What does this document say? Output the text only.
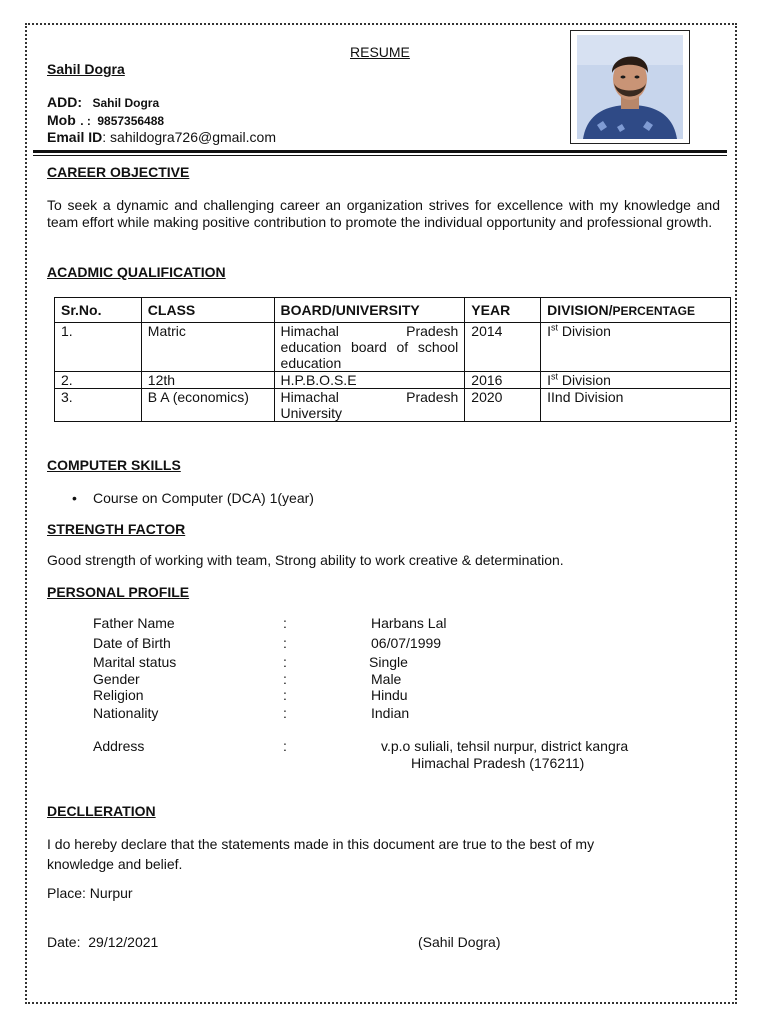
RESUME
Sahil Dogra
ADD: Sahil Dogra
Mob . : 9857356488
Email ID: sahildogra726@gmail.com
CAREER OBJECTIVE
To seek a dynamic and challenging career an organization strives for excellence with my knowledge and team effort while making positive contribution to promote the individual opportunity and professional growth.
ACADMIC QUALIFICATION
Sr.No.	CLASS	BOARD/UNIVERSITY	YEAR	DIVISION/PERCENTAGE
1.	Matric	Himachal Pradesh education board of school education	2014	Ist Division
2.	12th	H.P.B.O.S.E	2016	Ist Division
3.	B A (economics)	Himachal Pradesh University	2020	IInd Division
COMPUTER SKILLS
• Course on Computer (DCA) 1(year)
STRENGTH FACTOR
Good strength of working with team, Strong ability to work creative & determination.
PERSONAL PROFILE
Father Name	:	Harbans Lal
Date of Birth	:	06/07/1999
Marital status	:	Single
Gender	:	Male
Religion	:	Hindu
Nationality	:	Indian
Address	:	v.p.o suliali, tehsil nurpur, district kangra
Himachal Pradesh (176211)
DECLLERATION
I do hereby declare that the statements made in this document are true to the best of my
knowledge and belief.
Place: Nurpur
Date:  29/12/2021	(Sahil Dogra)
